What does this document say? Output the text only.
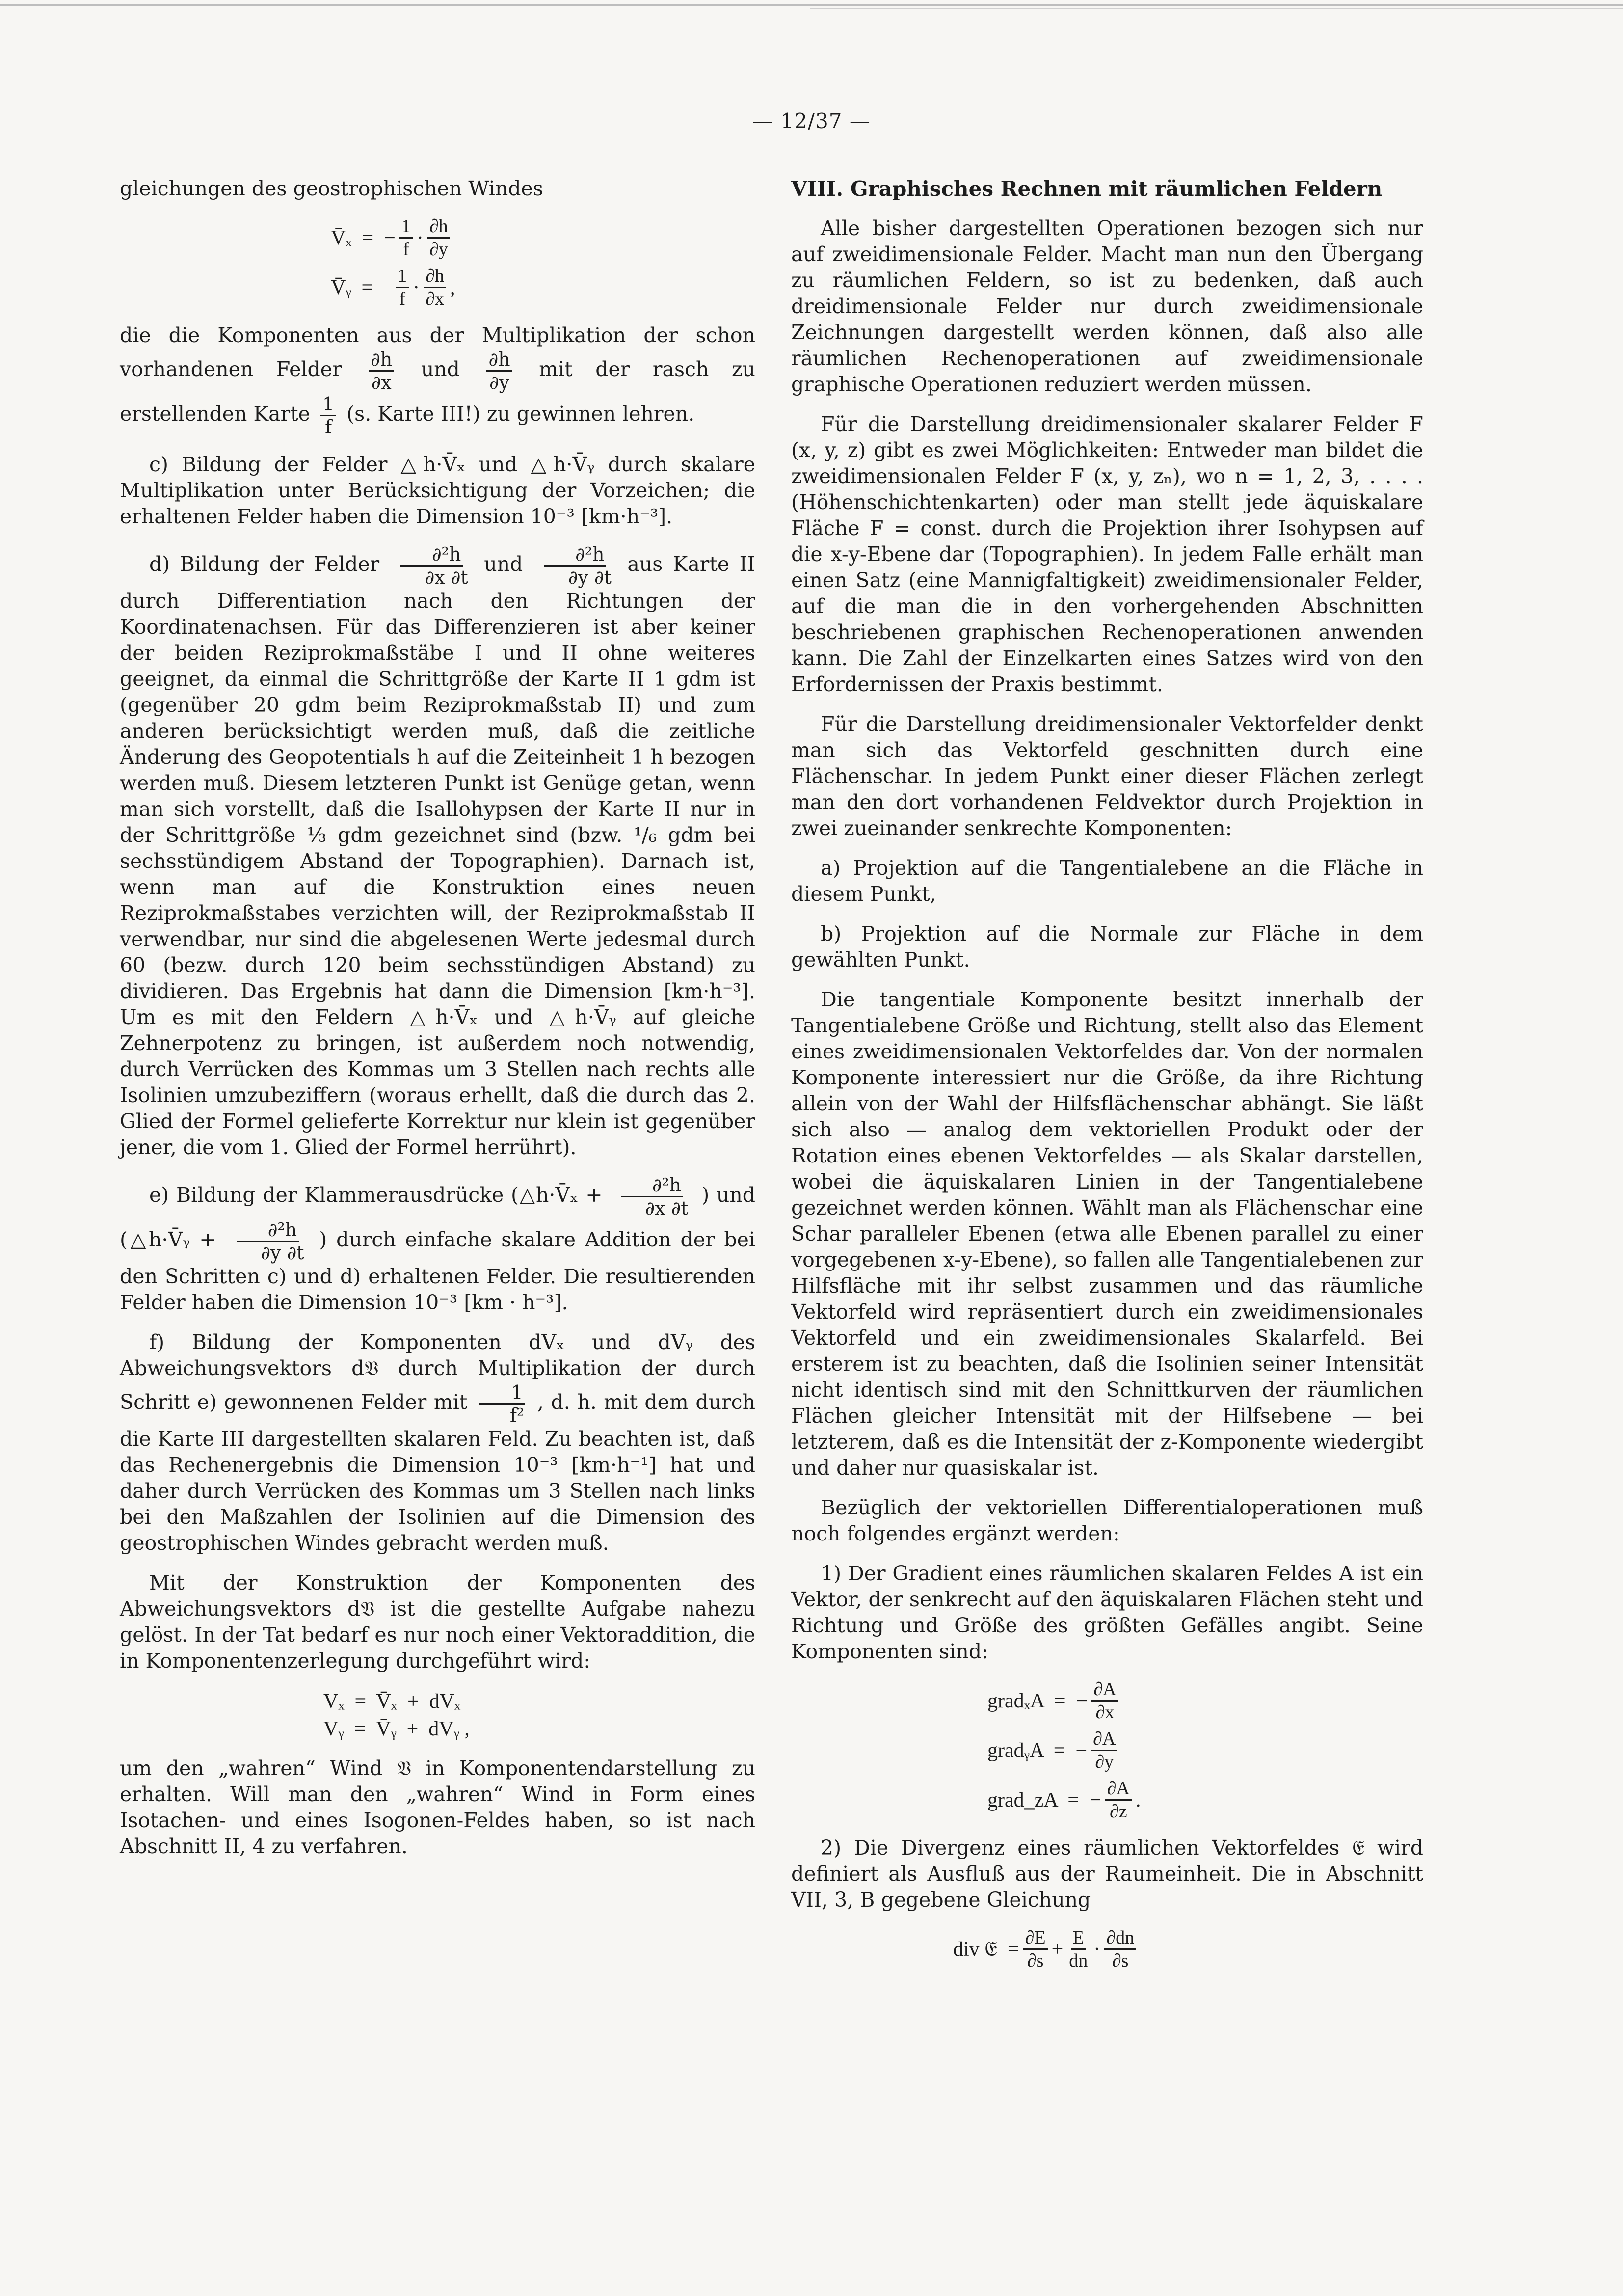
— 12/37 —

gleichungen des geostrophischen Windes

V̄ₓ  =  − $\frac{1}{f} \cdot \frac{\partial h}{\partial y}$
V̄ᵧ  = $\frac{1}{f} \cdot \frac{\partial h}{\partial x}$ ,

die die Komponenten aus der Multiplikation der schon vorhandenen Felder $\frac{\partial h}{\partial x}$ und $\frac{\partial h}{\partial y}$ mit der rasch zu erstellenden Karte $\frac{1}{f} (s$. Karte III!) zu gewinnen lehren.

c) Bildung der Felder △h·V̄ₓ und △h·V̄ᵧ durch skalare Multiplikation unter Berücksichtigung der Vorzeichen; die erhaltenen Felder haben die Dimension 10⁻³ [km·h⁻³].

d) Bildung der Felder $\frac{\text{∂²h}}{\partial x \partial t}$ und $\frac{\text{∂²h}}{\partial y \partial t}$ aus Karte II durch Differentiation nach den Richtungen der Koordinatenachsen. Für das Differenzieren ist aber keiner der beiden Reziprokmaßstäbe I und II ohne weiteres geeignet, da einmal die Schrittgröße der Karte II 1 gdm ist (gegenüber 20 gdm beim Reziprokmaßstab II) und zum anderen berücksichtigt werden muß, daß die zeitliche Änderung des Geopotentials h auf die Zeiteinheit 1 h bezogen werden muß. Diesem letzteren Punkt ist Genüge getan, wenn man sich vorstellt, daß die Isallohypsen der Karte II nur in der Schrittgröße ⅓ gdm gezeichnet sind (bzw. ¹/₆ gdm bei sechsstündigem Abstand der Topographien). Darnach ist, wenn man auf die Konstruktion eines neuen Reziprokmaßstabes verzichten will, der Reziprokmaßstab II verwendbar, nur sind die abgelesenen Werte jedesmal durch 60 (bezw. durch 120 beim sechsstündigen Abstand) zu dividieren. Das Ergebnis hat dann die Dimension [km·h⁻³]. Um es mit den Feldern △h·V̄ₓ und △h·V̄ᵧ auf gleiche Zehnerpotenz zu bringen, ist außerdem noch notwendig, durch Verrücken des Kommas um 3 Stellen nach rechts alle Isolinien umzubeziffern (woraus erhellt, daß die durch das 2. Glied der Formel gelieferte Korrektur nur klein ist gegenüber jener, die vom 1. Glied der Formel herrührt).

e) Bildung der Klammerausdrücke (△h·V̄ₓ + $\frac{\text{∂²h}}{\partial x \partial t}$ ) und (△h·V̄ᵧ + $\frac{\text{∂²h}}{\partial y \partial t}$ ) durch einfache skalare Addition der bei den Schritten c) und d) erhaltenen Felder. Die resultierenden Felder haben die Dimension 10⁻³ [km · h⁻³].

f) Bildung der Komponenten dVₓ und dVᵧ des Abweichungsvektors d𝔙 durch Multiplikation der durch Schritt e) gewonnenen Felder mit $\frac{1}{\text{f²}}$ , d. h. mit dem durch die Karte III dargestellten skalaren Feld. Zu beachten ist, daß das Rechenergebnis die Dimension 10⁻³ [km·h⁻¹] hat und daher durch Verrücken des Kommas um 3 Stellen nach links bei den Maßzahlen der Isolinien auf die Dimension des geostrophischen Windes gebracht werden muß.

Mit der Konstruktion der Komponenten des Abweichungsvektors d𝔙 ist die gestellte Aufgabe nahezu gelöst. In der Tat bedarf es nur noch einer Vektoraddition, die in Komponentenzerlegung durchgeführt wird:

Vₓ  =  V̄ₓ  +  dVₓ
Vᵧ  =  V̄ᵧ  +  dVᵧ ,

um den „wahren“ Wind 𝔙 in Komponentendarstellung zu erhalten. Will man den „wahren“ Wind in Form eines Isotachen- und eines Isogonen-Feldes haben, so ist nach Abschnitt II, 4 zu verfahren.

VIII. Graphisches Rechnen mit räumlichen Feldern

Alle bisher dargestellten Operationen bezogen sich nur auf zweidimensionale Felder. Macht man nun den Übergang zu räumlichen Feldern, so ist zu bedenken, daß auch dreidimensionale Felder nur durch zweidimensionale Zeichnungen dargestellt werden können, daß also alle räumlichen Rechenoperationen auf zweidimensionale graphische Operationen reduziert werden müssen.

Für die Darstellung dreidimensionaler skalarer Felder F (x, y, z) gibt es zwei Möglichkeiten: Entweder man bildet die zweidimensionalen Felder F (x, y, zₙ), wo n = 1, 2, 3, . . . . (Höhenschichtenkarten) oder man stellt jede äquiskalare Fläche F = const. durch die Projektion ihrer Isohypsen auf die x-y-Ebene dar (Topographien). In jedem Falle erhält man einen Satz (eine Mannigfaltigkeit) zweidimensionaler Felder, auf die man die in den vorhergehenden Abschnitten beschriebenen graphischen Rechenoperationen anwenden kann. Die Zahl der Einzelkarten eines Satzes wird von den Erfordernissen der Praxis bestimmt.

Für die Darstellung dreidimensionaler Vektorfelder denkt man sich das Vektorfeld geschnitten durch eine Flächenschar. In jedem Punkt einer dieser Flächen zerlegt man den dort vorhandenen Feldvektor durch Projektion in zwei zueinander senkrechte Komponenten:

a) Projektion auf die Tangentialebene an die Fläche in diesem Punkt,

b) Projektion auf die Normale zur Fläche in dem gewählten Punkt.

Die tangentiale Komponente besitzt innerhalb der Tangentialebene Größe und Richtung, stellt also das Element eines zweidimensionalen Vektorfeldes dar. Von der normalen Komponente interessiert nur die Größe, da ihre Richtung allein von der Wahl der Hilfsflächenschar abhängt. Sie läßt sich also — analog dem vektoriellen Produkt oder der Rotation eines ebenen Vektorfeldes — als Skalar darstellen, wobei die äquiskalaren Linien in der Tangentialebene gezeichnet werden können. Wählt man als Flächenschar eine Schar paralleler Ebenen (etwa alle Ebenen parallel zu einer vorgegebenen x-y-Ebene), so fallen alle Tangentialebenen zur Hilfsfläche mit ihr selbst zusammen und das räumliche Vektorfeld wird repräsentiert durch ein zweidimensionales Vektorfeld und ein zweidimensionales Skalarfeld. Bei ersterem ist zu beachten, daß die Isolinien seiner Intensität nicht identisch sind mit den Schnittkurven der räumlichen Flächen gleicher Intensität mit der Hilfsebene — bei letzterem, daß es die Intensität der z-Komponente wiedergibt und daher nur quasiskalar ist.

Bezüglich der vektoriellen Differentialoperationen muß noch folgendes ergänzt werden:

1) Der Gradient eines räumlichen skalaren Feldes A ist ein Vektor, der senkrecht auf den äquiskalaren Flächen steht und Richtung und Größe des größten Gefälles angibt. Seine Komponenten sind:

gradₓA  =  − $\frac{\partial A}{\partial x}$
gradᵧA  =  − $\frac{\partial A}{\partial y}$
grad_zA  =  − $\frac{\partial A}{\partial z}$ .

2) Die Divergenz eines räumlichen Vektorfeldes 𝔈 wird definiert als Ausfluß aus der Raumeinheit. Die in Abschnitt VII, 3, B gegebene Gleichung

div 𝔈  = $\frac{\partial E}{\partial s} + \frac{E}{dn} \cdot \frac{\partial dn}{\partial s}$
